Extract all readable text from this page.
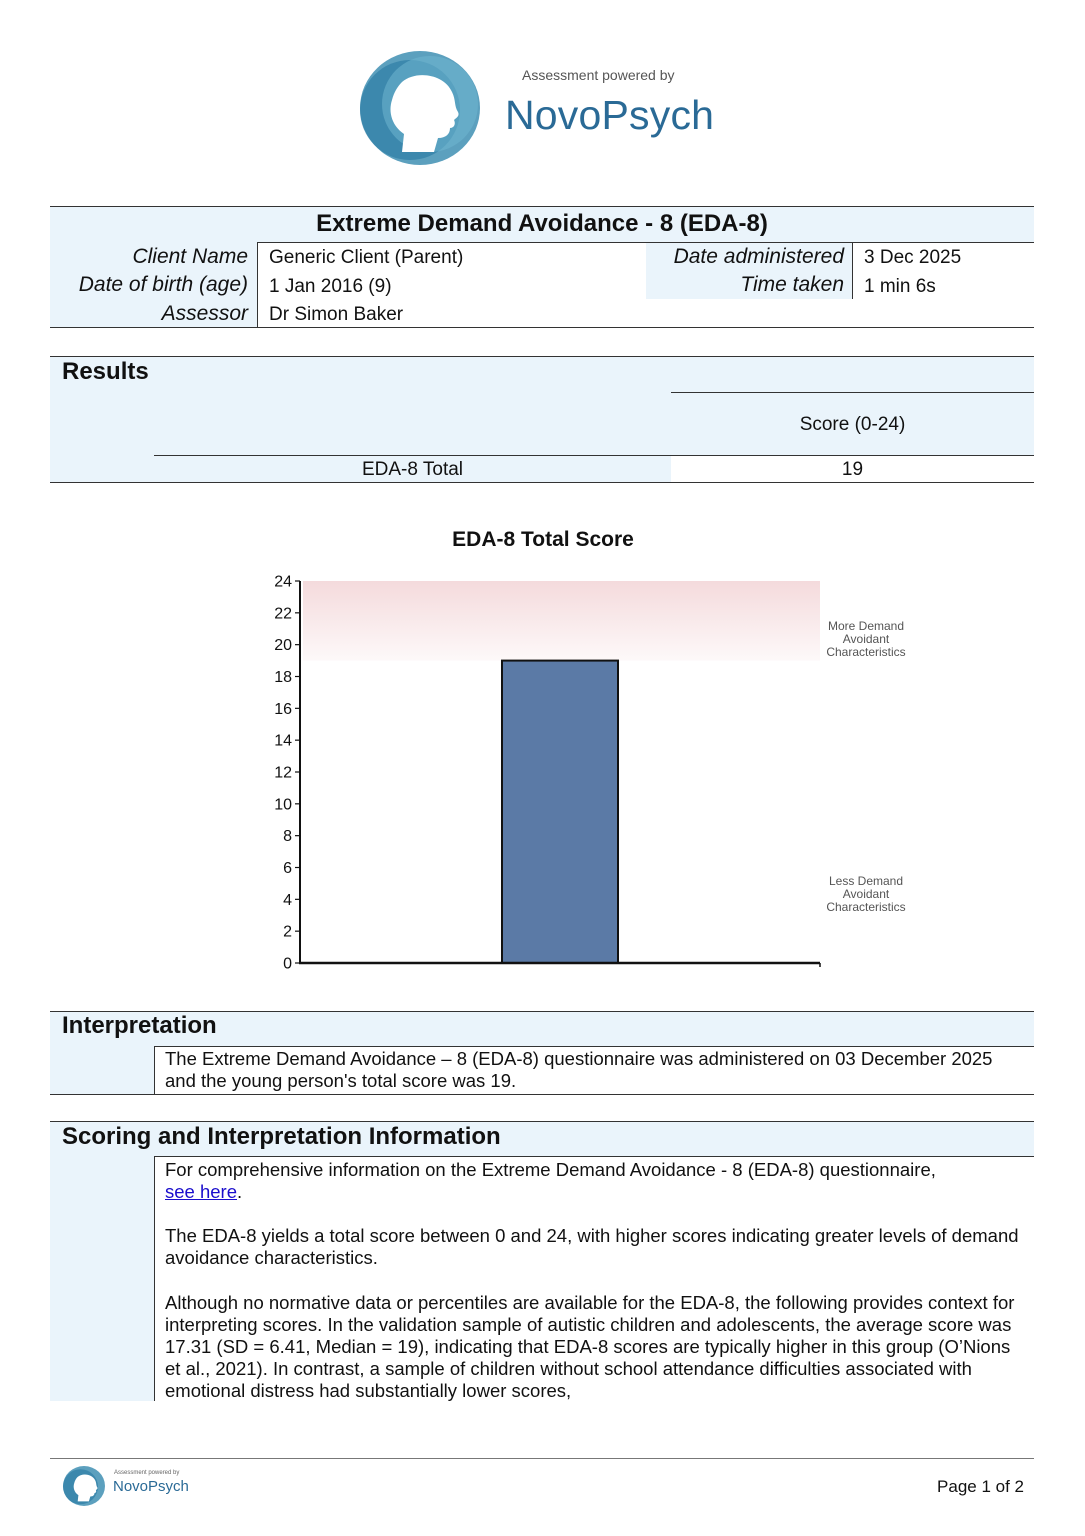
Assessment powered by
NovoPsych
Extreme Demand Avoidance - 8 (EDA-8)
Client Name
Date of birth (age)
Assessor
Generic Client (Parent)
1 Jan 2016 (9)
Dr Simon Baker
Date administered
Time taken
3 Dec 2025
1 min 6s
Results
Score (0-24)
EDA-8 Total	19
EDA-8 Total Score
0
2
4
6
8
10
12
14
16
18
20
22
24
More Demand Avoidant Characteristics
Less Demand Avoidant Characteristics
Interpretation
The Extreme Demand Avoidance – 8 (EDA-8) questionnaire was administered on 03 December 2025 and the young person's total score was 19.
Scoring and Interpretation Information
For comprehensive information on the Extreme Demand Avoidance - 8 (EDA-8) questionnaire,
see here.
The EDA-8 yields a total score between 0 and 24, with higher scores indicating greater levels of demand avoidance characteristics.
Although no normative data or percentiles are available for the EDA-8, the following provides context for interpreting scores. In the validation sample of autistic children and adolescents, the average score was 17.31 (SD = 6.41, Median = 19), indicating that EDA-8 scores are typically higher in this group (O’Nions et al., 2021). In contrast, a sample of children without school attendance difficulties associated with emotional distress had substantially lower scores,
Assessment powered by
NovoPsych	Page 1 of 2
